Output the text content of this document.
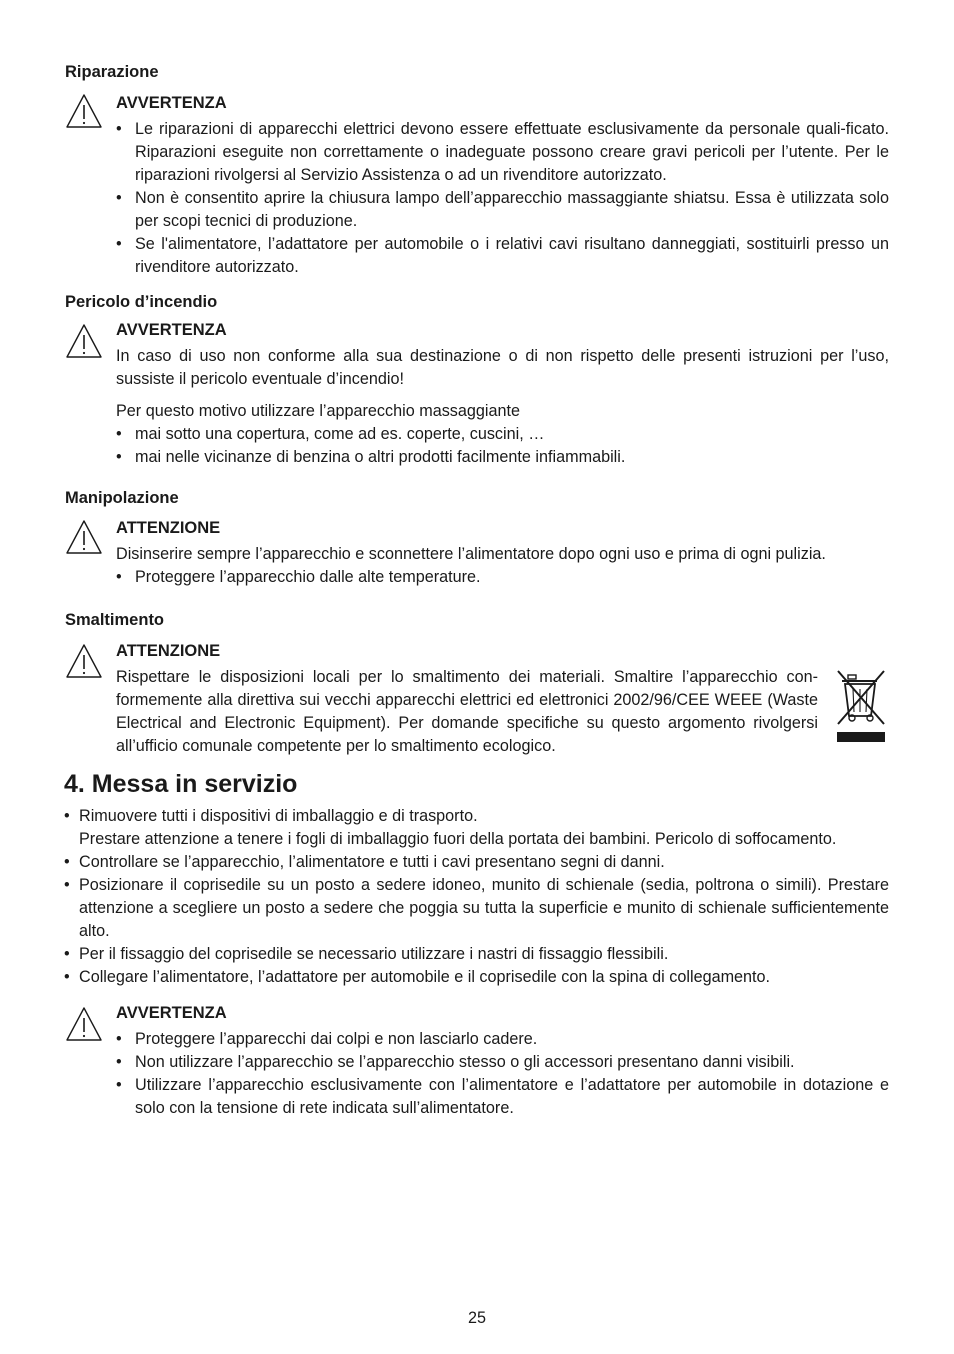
Riparazione
AVVERTENZA
• Le riparazioni di apparecchi elettrici devono essere effettuate esclusivamente da personale quali-ficato. Riparazioni eseguite non correttamente o inadeguate possono creare gravi pericoli per l’utente. Per le riparazioni rivolgersi al Servizio Assistenza o ad un rivenditore autorizzato.
• Non è consentito aprire la chiusura lampo dell’apparecchio massaggiante shiatsu. Essa è utilizzata solo per scopi tecnici di produzione.
• Se l'alimentatore, l’adattatore per automobile o i relativi cavi risultano danneggiati, sostituirli presso un rivenditore autorizzato.
Pericolo d’incendio
AVVERTENZA
In caso di uso non conforme alla sua destinazione o di non rispetto delle presenti istruzioni per l’uso, sussiste il pericolo eventuale d’incendio!
Per questo motivo utilizzare l’apparecchio massaggiante
• mai sotto una copertura, come ad es. coperte, cuscini, …
• mai nelle vicinanze di benzina o altri prodotti facilmente infiammabili.
Manipolazione
ATTENZIONE
Disinserire sempre l’apparecchio e sconnettere l’alimentatore dopo ogni uso e prima di ogni pulizia.
• Proteggere l’apparecchio dalle alte temperature.
Smaltimento
ATTENZIONE
Rispettare le disposizioni locali per lo smaltimento dei materiali. Smaltire l’apparecchio con-formemente alla direttiva sui vecchi apparecchi elettrici ed elettronici 2002/96/CEE WEEE (Waste Electrical and Electronic Equipment). Per domande specifiche su questo argomento rivolgersi all’ufficio comunale competente per lo smaltimento ecologico.
4. Messa in servizio
• Rimuovere tutti i dispositivi di imballaggio e di trasporto.
Prestare attenzione a tenere i fogli di imballaggio fuori della portata dei bambini. Pericolo di soffocamento.
• Controllare se l’apparecchio, l’alimentatore e tutti i cavi presentano segni di danni.
• Posizionare il coprisedile su un posto a sedere idoneo, munito di schienale (sedia, poltrona o simili). Prestare attenzione a scegliere un posto a sedere che poggia su tutta la superficie e munito di schienale sufficientemente alto.
• Per il fissaggio del coprisedile se necessario utilizzare i nastri di fissaggio flessibili.
• Collegare l’alimentatore, l’adattatore per automobile e il coprisedile con la spina di collegamento.
AVVERTENZA
• Proteggere l’apparecchi dai colpi e non lasciarlo cadere.
• Non utilizzare l’apparecchio se l’apparecchio stesso o gli accessori presentano danni visibili.
• Utilizzare l’apparecchio esclusivamente con l’alimentatore e l’adattatore per automobile in dotazione e solo con la tensione di rete indicata sull’alimentatore.
25
